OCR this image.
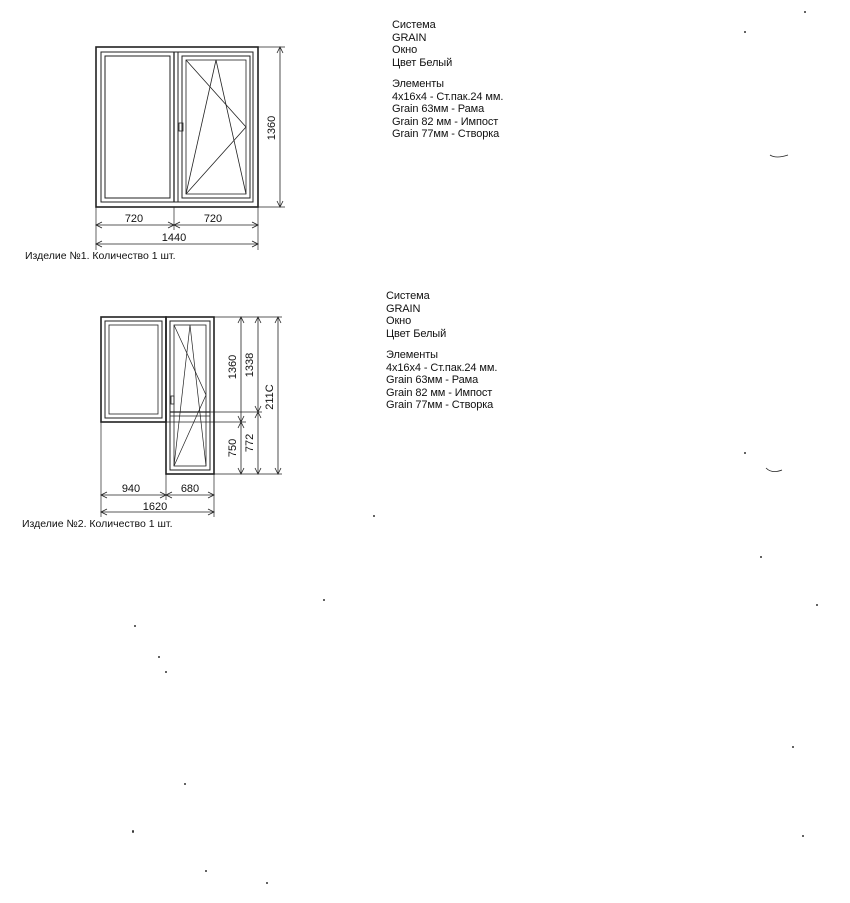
Система
GRAIN
Окно
Цвет Белый
Элементы
4x16x4 - Ст.пак.24 мм.
Grain 63мм - Рама
Grain 82 мм - Импост
Grain 77мм - Створка
1360
720	720
1440
1360
750
1338
772
211C
940	680
1620
Изделие №1. Количество 1 шт.
Система
GRAIN
Окно
Цвет Белый
Элементы
4x16x4 - Ст.пак.24 мм.
Grain 63мм - Рама
Grain 82 мм - Импост
Grain 77мм - Створка
Изделие №2. Количество 1 шт.
